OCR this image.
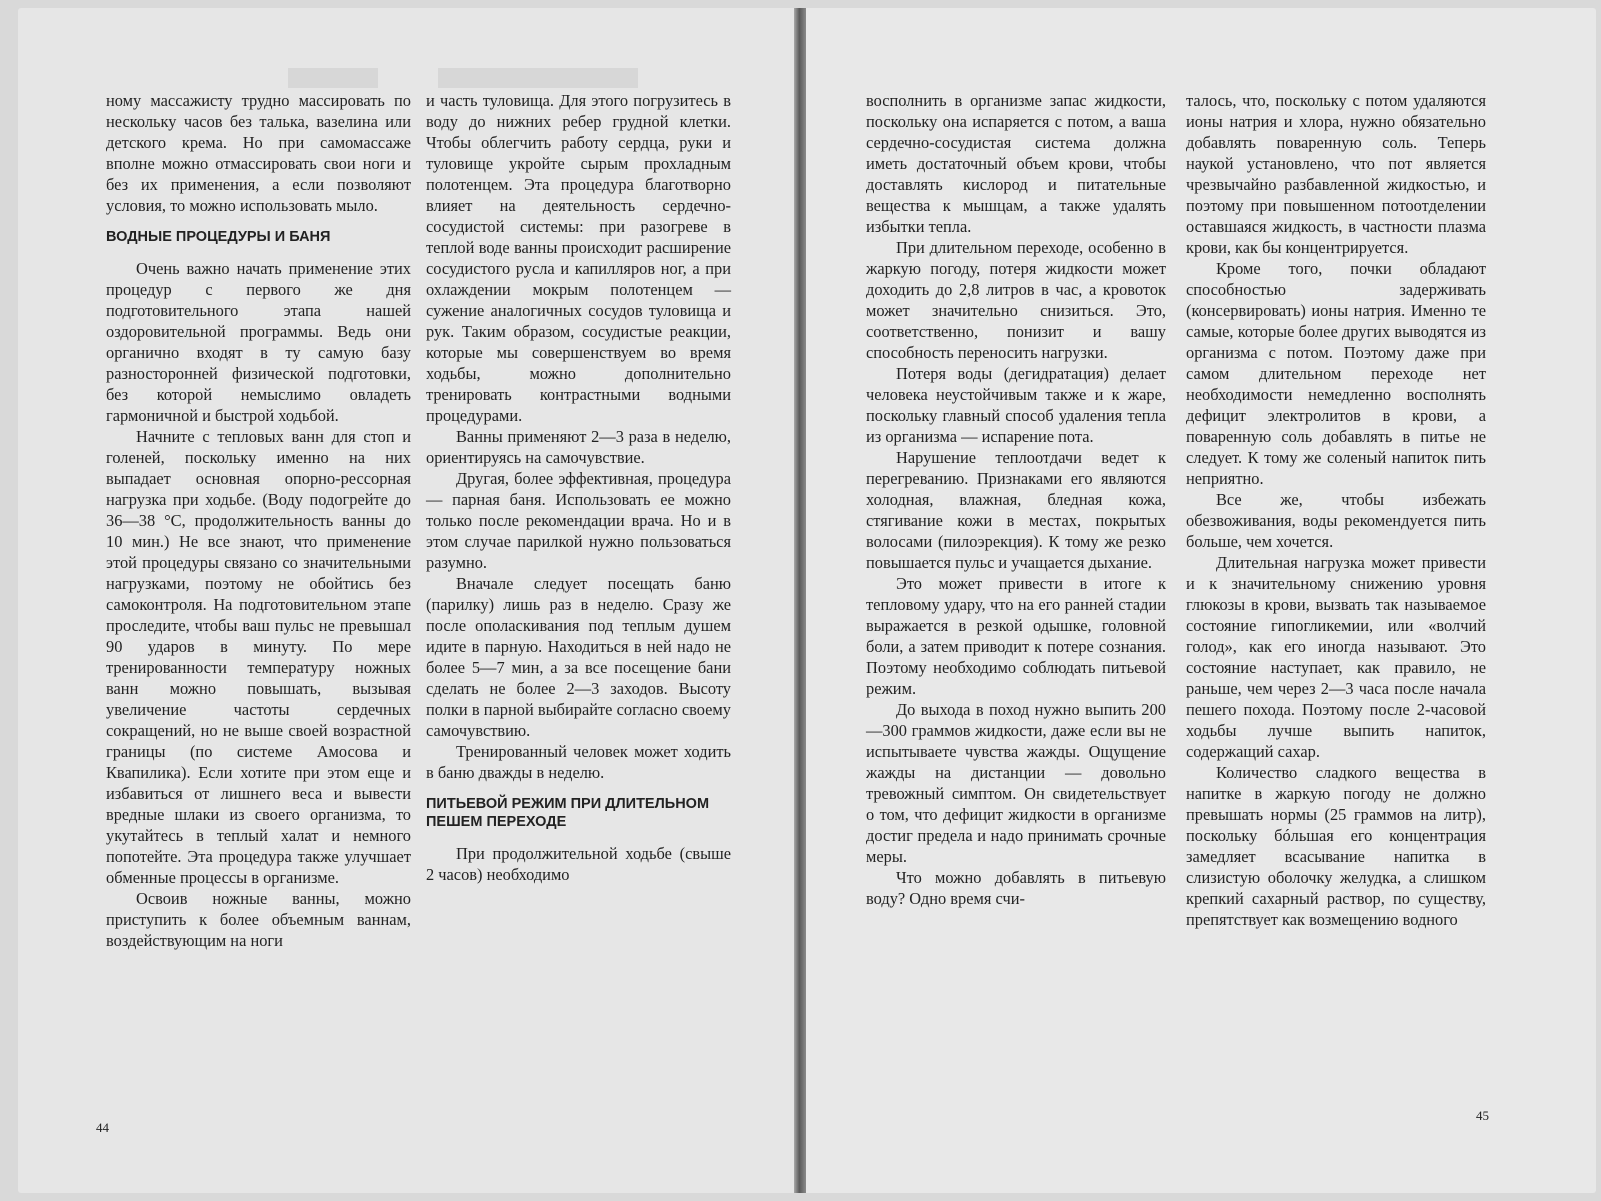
ному массажисту трудно массировать по нескольку часов без талька, вазелина или детского крема. Но при самомассаже вполне можно отмассировать свои ноги и без их применения, а если позволяют условия, то можно использовать мыло.

ВОДНЫЕ ПРОЦЕДУРЫ И БАНЯ

Очень важно начать применение этих процедур с первого же дня подготовительного этапа нашей оздоровительной программы. Ведь они органично входят в ту самую базу разносторонней физической подготовки, без которой немыслимо овладеть гармоничной и быстрой ходьбой.

Начните с тепловых ванн для стоп и голеней, поскольку именно на них выпадает основная опорно-рессорная нагрузка при ходьбе. (Воду подогрейте до 36—38 °С, продолжительность ванны до 10 мин.) Не все знают, что применение этой процедуры связано со значительными нагрузками, поэтому не обойтись без самоконтроля. На подготовительном этапе проследите, чтобы ваш пульс не превышал 90 ударов в минуту. По мере тренированности температуру ножных ванн можно повышать, вызывая увеличение частоты сердечных сокращений, но не выше своей возрастной границы (по системе Амосова и Квапилика). Если хотите при этом еще и избавиться от лишнего веса и вывести вредные шлаки из своего организма, то укутайтесь в теплый халат и немного попотейте. Эта процедура также улучшает обменные процессы в организме.

Освоив ножные ванны, можно приступить к более объемным ваннам, воздействующим на ноги

и часть туловища. Для этого погрузитесь в воду до нижних ребер грудной клетки. Чтобы облегчить работу сердца, руки и туловище укройте сырым прохладным полотенцем. Эта процедура благотворно влияет на деятельность сердечно-сосудистой системы: при разогреве в теплой воде ванны происходит расширение сосудистого русла и капилляров ног, а при охлаждении мокрым полотенцем — сужение аналогичных сосудов туловища и рук. Таким образом, сосудистые реакции, которые мы совершенствуем во время ходьбы, можно дополнительно тренировать контрастными водными процедурами.

Ванны применяют 2—3 раза в неделю, ориентируясь на самочувствие.

Другая, более эффективная, процедура — парная баня. Использовать ее можно только после рекомендации врача. Но и в этом случае парилкой нужно пользоваться разумно.

Вначале следует посещать баню (парилку) лишь раз в неделю. Сразу же после ополаскивания под теплым душем идите в парную. Находиться в ней надо не более 5—7 мин, а за все посещение бани сделать не более 2—3 заходов. Высоту полки в парной выбирайте согласно своему самочувствию.

Тренированный человек может ходить в баню дважды в неделю.

ПИТЬЕВОЙ РЕЖИМ ПРИ ДЛИТЕЛЬНОМ ПЕШЕМ ПЕРЕХОДЕ

При продолжительной ходьбе (свыше 2 часов) необходимо

44

восполнить в организме запас жидкости, поскольку она испаряется с потом, а ваша сердечно-сосудистая система должна иметь достаточный объем крови, чтобы доставлять кислород и питательные вещества к мышцам, а также удалять избытки тепла.

При длительном переходе, особенно в жаркую погоду, потеря жидкости может доходить до 2,8 литров в час, а кровоток может значительно снизиться. Это, соответственно, понизит и вашу способность переносить нагрузки.

Потеря воды (дегидратация) делает человека неустойчивым также и к жаре, поскольку главный способ удаления тепла из организма — испарение пота.

Нарушение теплоотдачи ведет к перегреванию. Признаками его являются холодная, влажная, бледная кожа, стягивание кожи в местах, покрытых волосами (пилоэрекция). К тому же резко повышается пульс и учащается дыхание.

Это может привести в итоге к тепловому удару, что на его ранней стадии выражается в резкой одышке, головной боли, а затем приводит к потере сознания. Поэтому необходимо соблюдать питьевой режим.

До выхода в поход нужно выпить 200—300 граммов жидкости, даже если вы не испытываете чувства жажды. Ощущение жажды на дистанции — довольно тревожный симптом. Он свидетельствует о том, что дефицит жидкости в организме достиг предела и надо принимать срочные меры.

Что можно добавлять в питьевую воду? Одно время счи-

талось, что, поскольку с потом удаляются ионы натрия и хлора, нужно обязательно добавлять поваренную соль. Теперь наукой установлено, что пот является чрезвычайно разбавленной жидкостью, и поэтому при повышенном потоотделении оставшаяся жидкость, в частности плазма крови, как бы концентрируется.

Кроме того, почки обладают способностью задерживать (консервировать) ионы натрия. Именно те самые, которые более других выводятся из организма с потом. Поэтому даже при самом длительном переходе нет необходимости немедленно восполнять дефицит электролитов в крови, а поваренную соль добавлять в питье не следует. К тому же соленый напиток пить неприятно.

Все же, чтобы избежать обезвоживания, воды рекомендуется пить больше, чем хочется.

Длительная нагрузка может привести и к значительному снижению уровня глюкозы в крови, вызвать так называемое состояние гипогликемии, или «волчий голод», как его иногда называют. Это состояние наступает, как правило, не раньше, чем через 2—3 часа после начала пешего похода. Поэтому после 2-часовой ходьбы лучше выпить напиток, содержащий сахар.

Количество сладкого вещества в напитке в жаркую погоду не должно превышать нормы (25 граммов на литр), поскольку бóльшая его концентрация замедляет всасывание напитка в слизистую оболочку желудка, а слишком крепкий сахарный раствор, по существу, препятствует как возмещению водного

45
